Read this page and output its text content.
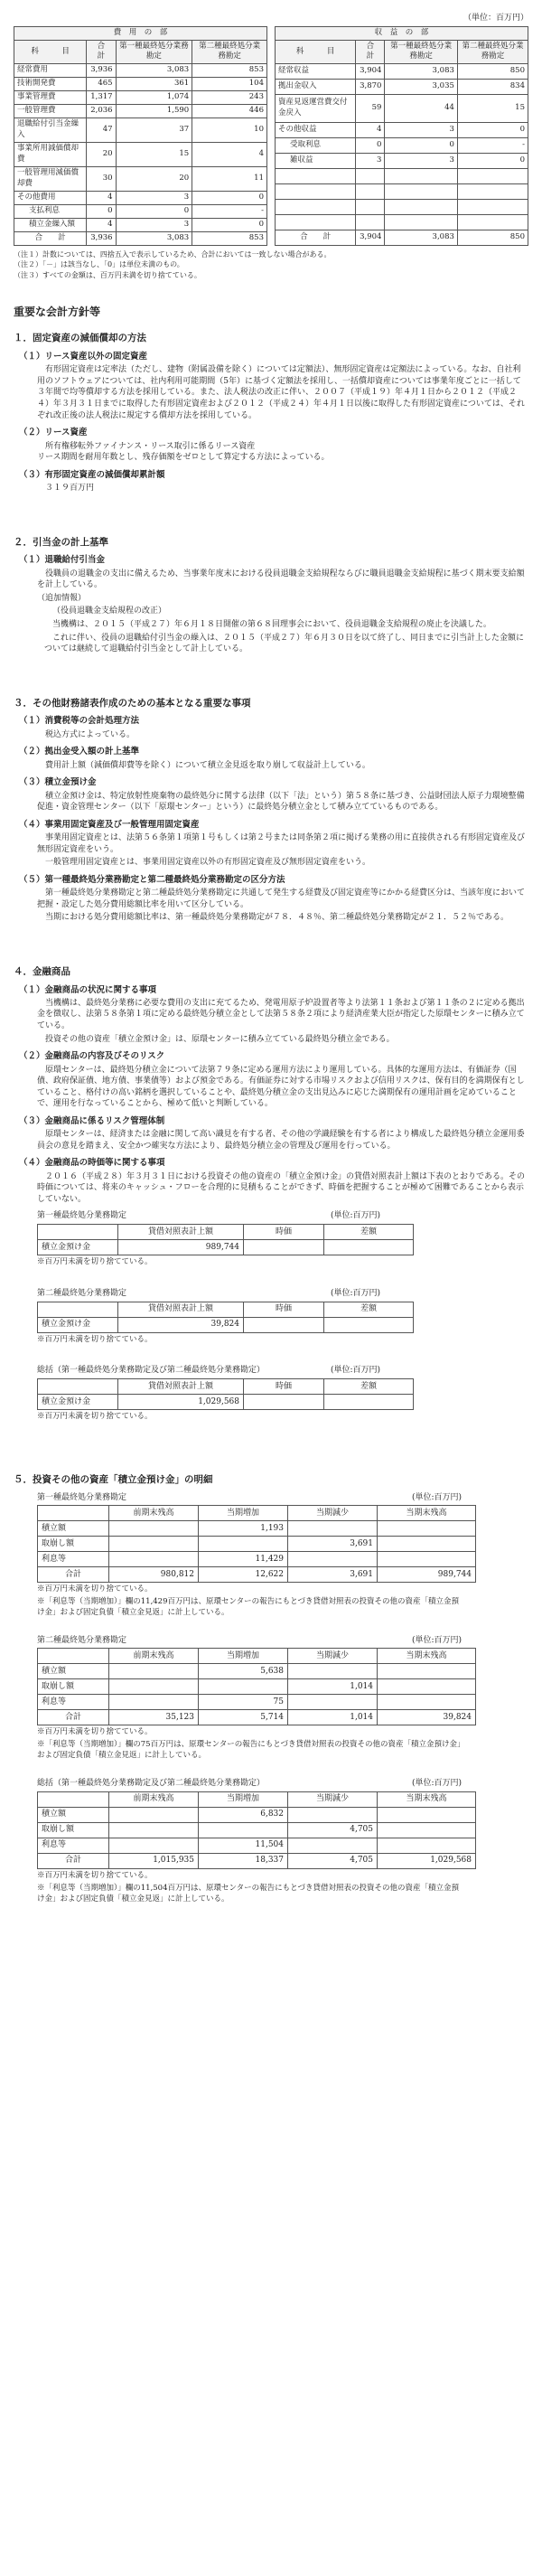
（単位：百万円）
費　用　の　部			
科　　　目	合　計	第一種最終処分業務勘定	第二種最終処分業務勘定
経常費用	3,936	3,083	853
技術開発費	465	361	104
事業管理費	1,317	1,074	243
一般管理費	2,036	1,590	446
退職給付引当金繰入	47	37	10
事業所用減価償却費	20	15	4
一般管理用減価償却費	30	20	11
その他費用	4	3	0
支払利息	0	0	-
積立金繰入額	4	3	0
合　　計	3,936	3,083	853
収　益　の　部			
科　　　目	合　計	第一種最終処分業務勘定	第二種最終処分業務勘定
経常収益	3,904	3,083	850
拠出金収入	3,870	3,035	834
資産見返運営費交付金戻入	59	44	15
その他収益	4	3	0
受取利息	0	0	-
雑収益	3	3	0

合　　計	3,904	3,083	850
（注１）計数については、四捨五入で表示しているため、合計においては一致しない場合がある。
（注２）「－」は該当なし、「0」は単位未満のもの。
（注３）すべての金額は、百万円未満を切り捨てている。
重要な会計方針等
１．固定資産の減価償却の方法
（１）リース資産以外の固定資産

有形固定資産は定率法（ただし、建物（附属設備を除く）については定額法）、無形固定資産は定額法によっている。なお、自社利用のソフトウェアについては、社内利用可能期間（5年）に基づく定額法を採用し、一括償却資産については事業年度ごとに一括して３年間で均等償却する方法を採用している。また、法人税法の改正に伴い、２００７（平成１９）年４月１日から２０１２（平成２４）年３月３１日までに取得した有形固定資産および２０１２（平成２４）年４月１日以後に取得した有形固定資産については、それぞれ改正後の法人税法に規定する償却方法を採用している。

（２）リース資産

所有権移転外ファイナンス・リース取引に係るリース資産
リース期間を耐用年数とし、残存価額をゼロとして算定する方法によっている。

（３）有形固定資産の減価償却累計額

３１９百万円

２．引当金の計上基準
（１）退職給付引当金

役職員の退職金の支出に備えるため、当事業年度末における役員退職金支給規程ならびに職員退職金支給規程に基づく期末要支給額を計上している。

（追加情報）

（役員退職金支給規程の改正）

当機構は、２０１５（平成２７）年６月１８日開催の第６８回理事会において、役員退職金支給規程の廃止を決議した。

これに伴い、役員の退職給付引当金の繰入は、２０１５（平成２７）年６月３０日を以て終了し、同日までに引当計上した金額については継続して退職給付引当金として計上している。

３．その他財務諸表作成のための基本となる重要な事項
（１）消費税等の会計処理方法

税込方式によっている。

（２）拠出金受入額の計上基準

費用計上額（減価償却費等を除く）について積立金見返を取り崩して収益計上している。

（３）積立金預け金

積立金預け金は、特定放射性廃棄物の最終処分に関する法律（以下「法」という）第５８条に基づき、公益財団法人原子力環境整備促進・資金管理センター（以下「原環センター」という）に最終処分積立金として積み立てているものである。

（４）事業用固定資産及び一般管理用固定資産

事業用固定資産とは、法第５６条第１項第１号もしくは第２号または同条第２項に掲げる業務の用に直接供される有形固定資産及び無形固定資産をいう。

一般管理用固定資産とは、事業用固定資産以外の有形固定資産及び無形固定資産をいう。

（５）第一種最終処分業務勘定と第二種最終処分業務勘定の区分方法

第一種最終処分業務勘定と第二種最終処分業務勘定に共通して発生する経費及び固定資産等にかかる経費区分は、当該年度において把握・設定した処分費用総額比率を用いて区分している。

当期における処分費用総額比率は、第一種最終処分業務勘定が７８．４８％、第二種最終処分業務勘定が２１．５２％である。

４．金融商品
（１）金融商品の状況に関する事項

当機構は、最終処分業務に必要な費用の支出に充てるため、発電用原子炉設置者等より法第１１条および第１１条の２に定める拠出金を徴収し、法第５８条第１項に定める最終処分積立金として法第５８条２項により経済産業大臣が指定した原環センターに積み立てている。

投資その他の資産「積立金預け金」は、原環センターに積み立てている最終処分積立金である。

（２）金融商品の内容及びそのリスク

原環センターは、最終処分積立金について法第７９条に定める運用方法により運用している。具体的な運用方法は、有価証券（国債、政府保証債、地方債、事業債等）および預金である。有価証券に対する市場リスクおよび信用リスクは、保有目的を満期保有としていること、格付けの高い銘柄を選択していることや、最終処分積立金の支出見込みに応じた満期保有の運用計画を定めていることで、運用を行なっていることから、極めて低いと判断している。

（３）金融商品に係るリスク管理体制

原環センターは、経済または金融に関して高い識見を有する者、その他の学識経験を有する者により構成した最終処分積立金運用委員会の意見を踏まえ、安全かつ確実な方法により、最終処分積立金の管理及び運用を行っている。

（４）金融商品の時価等に関する事項

２０１６（平成２８）年３月３１日における投資その他の資産の「積立金預け金」の貸借対照表計上額は下表のとおりである。その時価については、将来のキャッシュ・フローを合理的に見積もることができず、時価を把握することが極めて困難であることから表示していない。

第一種最終処分業務勘定	(単位:百万円)
	貸借対照表計上額	時価	差額
積立金預け金	989,744		
※百万円未満を切り捨てている。
第二種最終処分業務勘定	(単位:百万円)
	貸借対照表計上額	時価	差額
積立金預け金	39,824		
※百万円未満を切り捨てている。
総括（第一種最終処分業務勘定及び第二種最終処分業務勘定）	(単位:百万円)
	貸借対照表計上額	時価	差額
積立金預け金	1,029,568		
※百万円未満を切り捨てている。
５．投資その他の資産「積立金預け金」の明細
第一種最終処分業務勘定	(単位:百万円)
	前期末残高	当期増加	当期減少	当期末残高
積立額		1,193		
取崩し額			3,691	
利息等		11,429		
合計	980,812	12,622	3,691	989,744
※百万円未満を切り捨てている。
※「利息等（当期増加）」欄の11,429百万円は、原環センターの報告にもとづき貸借対照表の投資その他の資産「積立金預け金」および固定負債「積立金見返」に計上している。
第二種最終処分業務勘定	(単位:百万円)
	前期末残高	当期増加	当期減少	当期末残高
積立額		5,638		
取崩し額			1,014	
利息等		75		
合計	35,123	5,714	1,014	39,824
※百万円未満を切り捨てている。
※「利息等（当期増加）」欄の75百万円は、原環センターの報告にもとづき貸借対照表の投資その他の資産「積立金預け金」および固定負債「積立金見返」に計上している。
総括（第一種最終処分業務勘定及び第二種最終処分業務勘定）	(単位:百万円)
	前期末残高	当期増加	当期減少	当期末残高
積立額		6,832		
取崩し額			4,705	
利息等		11,504		
合計	1,015,935	18,337	4,705	1,029,568
※百万円未満を切り捨てている。
※「利息等（当期増加）」欄の11,504百万円は、原環センターの報告にもとづき貸借対照表の投資その他の資産「積立金預け金」および固定負債「積立金見返」に計上している。
